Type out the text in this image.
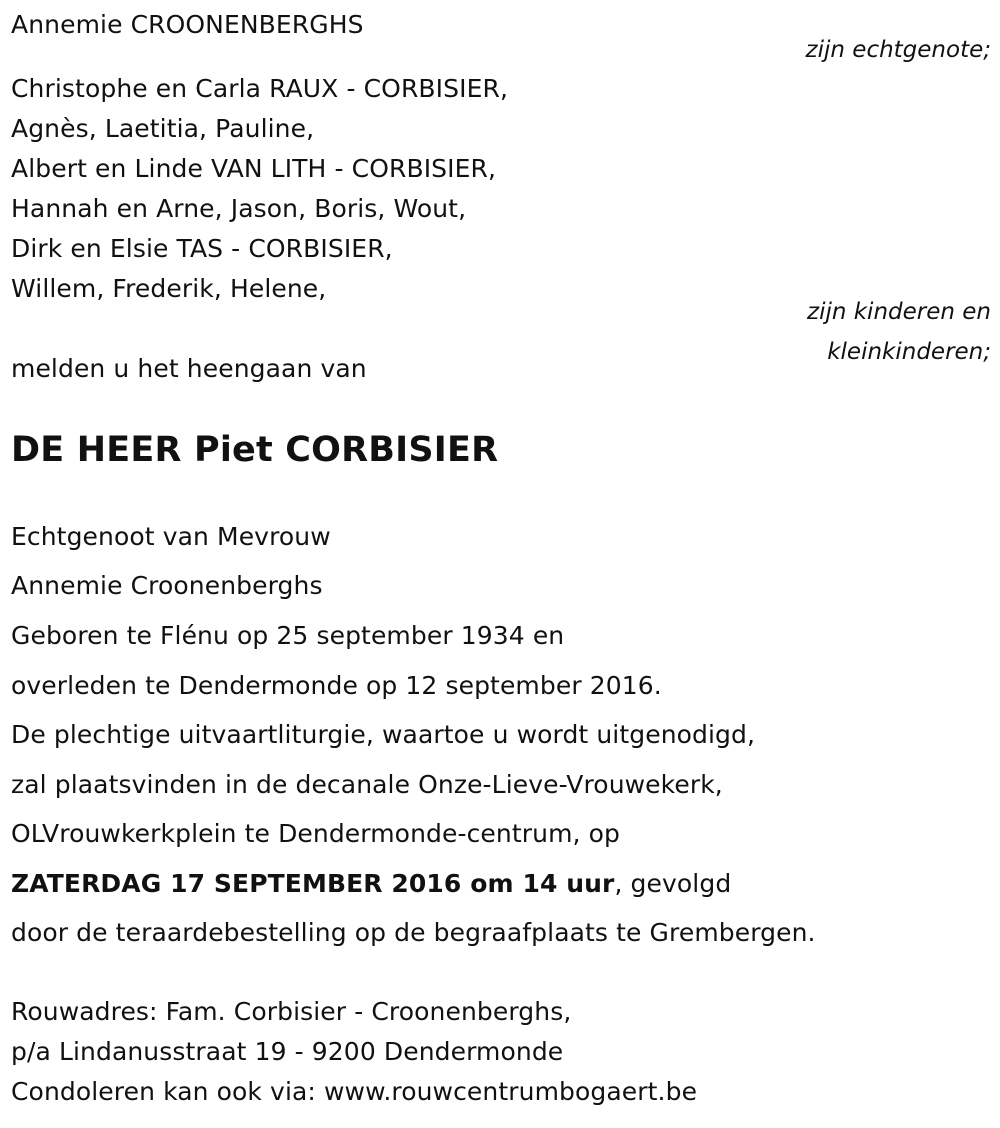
Annemie CROONENBERGHS
zijn echtgenote;
Christophe en Carla RAUX - CORBISIER,
Agnès, Laetitia, Pauline,
Albert en Linde VAN LITH - CORBISIER,
Hannah en Arne, Jason, Boris, Wout,
Dirk en Elsie TAS - CORBISIER,
Willem, Frederik, Helene,
zijn kinderen en
kleinkinderen;
melden u het heengaan van
DE HEER Piet CORBISIER
Echtgenoot van Mevrouw
Annemie Croonenberghs
Geboren te Flénu op 25 september 1934 en
overleden te Dendermonde op 12 september 2016.
De plechtige uitvaartliturgie, waartoe u wordt uitgenodigd,
zal plaatsvinden in de decanale Onze-Lieve-Vrouwekerk,
OLVrouwkerkplein te Dendermonde-centrum, op
ZATERDAG 17 SEPTEMBER 2016 om 14 uur, gevolgd
door de teraardebestelling op de begraafplaats te Grembergen.
Rouwadres: Fam. Corbisier - Croonenberghs,
p/a Lindanusstraat 19 - 9200 Dendermonde
Condoleren kan ook via: www.rouwcentrumbogaert.be
